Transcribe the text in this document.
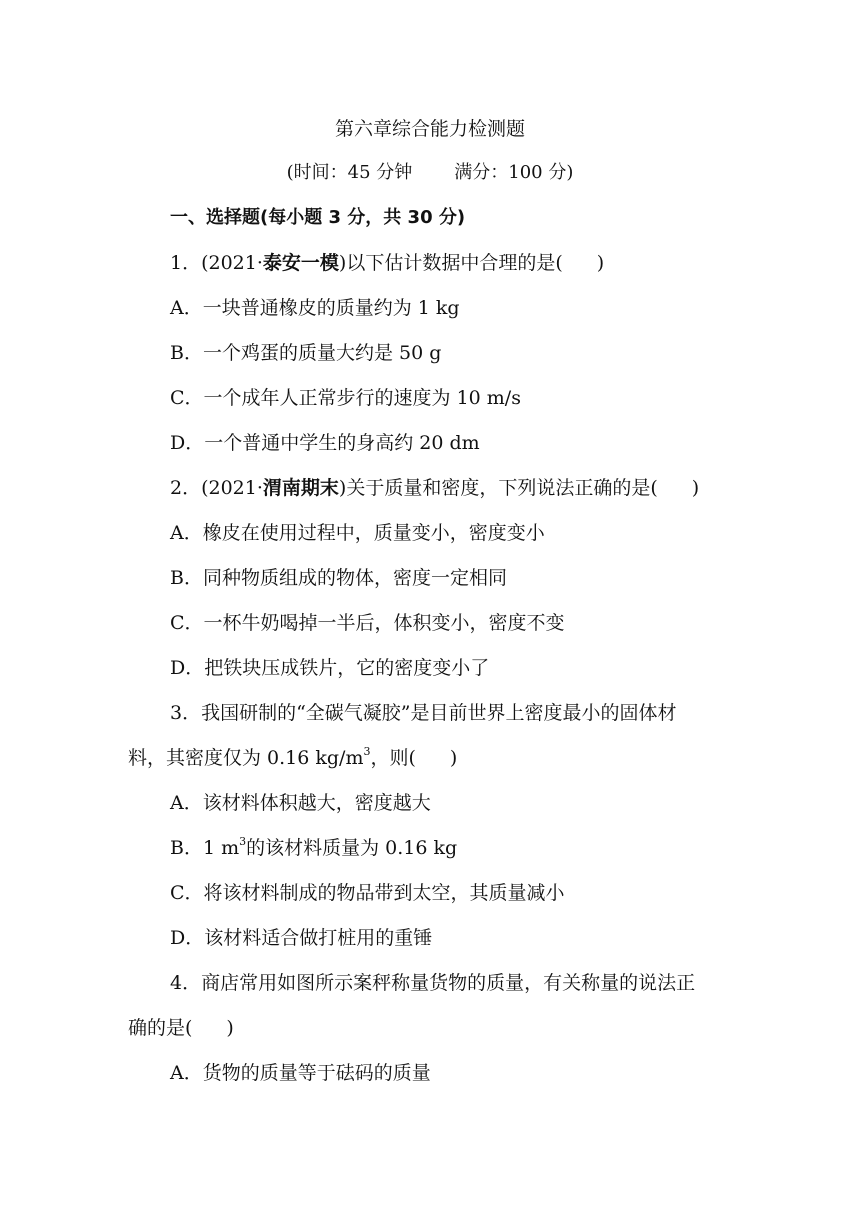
第六章综合能力检测题
(时间：45 分钟 满分：100 分)
一、选择题(每小题 3 分，共 30 分)
1．(2021·泰安一模)以下估计数据中合理的是( )
A．一块普通橡皮的质量约为 1 kg
B．一个鸡蛋的质量大约是 50 g
C．一个成年人正常步行的速度为 10 m/s
D．一个普通中学生的身高约 20 dm
2．(2021·渭南期末)关于质量和密度，下列说法正确的是( )
A．橡皮在使用过程中，质量变小，密度变小
B．同种物质组成的物体，密度一定相同
C．一杯牛奶喝掉一半后，体积变小，密度不变
D．把铁块压成铁片，它的密度变小了
3．我国研制的“全碳气凝胶”是目前世界上密度最小的固体材
料，其密度仅为 0.16 $kg/m^3$，则( )
A．该材料体积越大，密度越大
B．1 $m^3$的该材料质量为 0.16 kg
C．将该材料制成的物品带到太空，其质量减小
D．该材料适合做打桩用的重锤
4．商店常用如图所示案秤称量货物的质量，有关称量的说法正
确的是( )
A．货物的质量等于砝码的质量
